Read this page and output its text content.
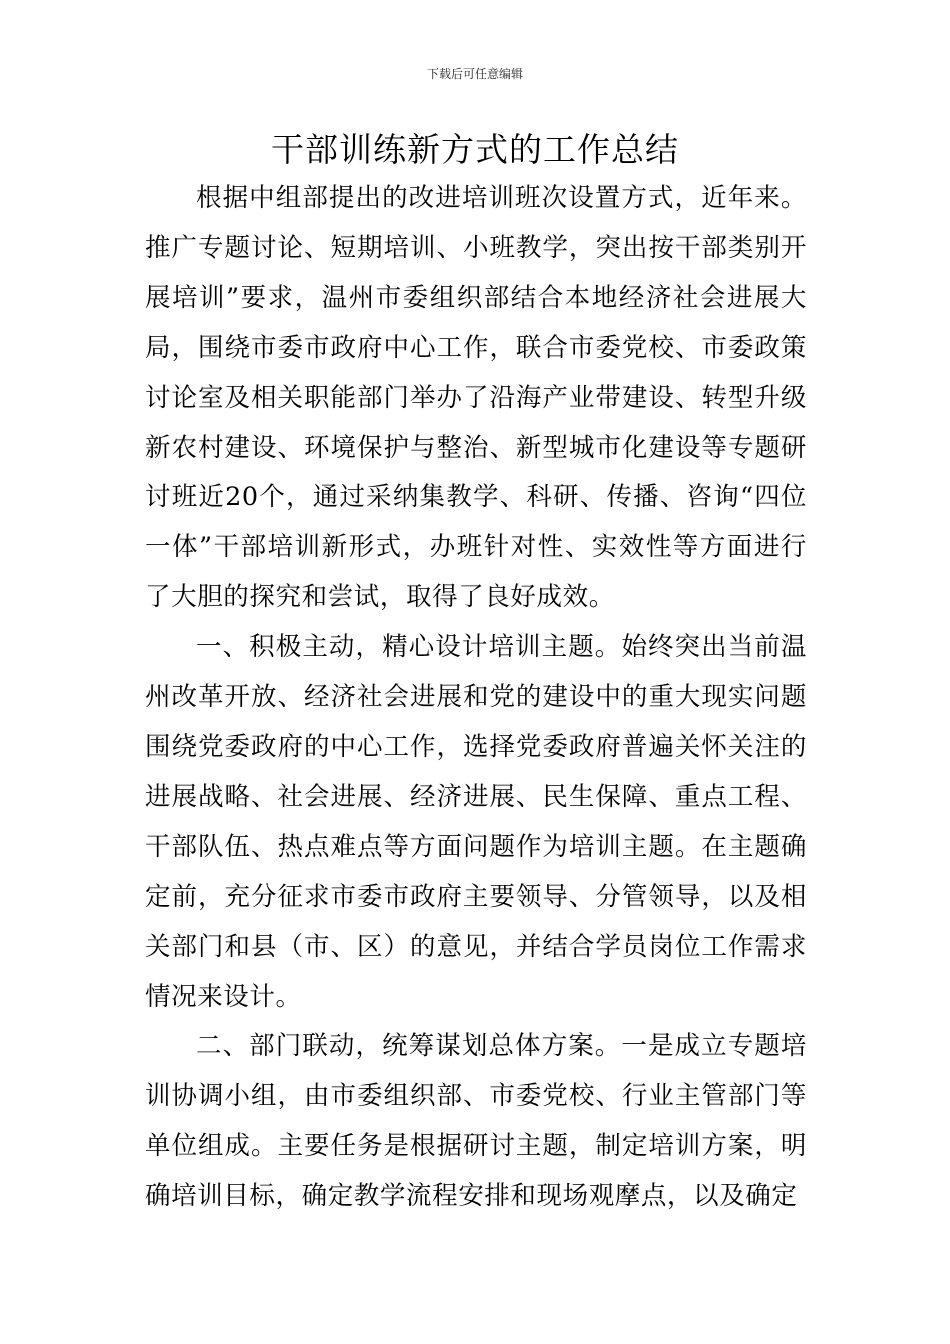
下载后可任意编辑
干部训练新方式的工作总结

根据中组部提出的改进培训班次设置方式，近年来。推广专题讨论、短期培训、小班教学，突出按干部类别开展培训”要求，温州市委组织部结合本地经济社会进展大局，围绕市委市政府中心工作，联合市委党校、市委政策讨论室及相关职能部门举办了沿海产业带建设、转型升级新农村建设、环境保护与整治、新型城市化建设等专题研讨班近20个，通过采纳集教学、科研、传播、咨询“四位一体”干部培训新形式，办班针对性、实效性等方面进行了大胆的探究和尝试，取得了良好成效。

一、积极主动，精心设计培训主题。始终突出当前温州改革开放、经济社会进展和党的建设中的重大现实问题围绕党委政府的中心工作，选择党委政府普遍关怀关注的进展战略、社会进展、经济进展、民生保障、重点工程、干部队伍、热点难点等方面问题作为培训主题。在主题确定前，充分征求市委市政府主要领导、分管领导，以及相关部门和县（市、区）的意见，并结合学员岗位工作需求情况来设计。

二、部门联动，统筹谋划总体方案。一是成立专题培训协调小组，由市委组织部、市委党校、行业主管部门等单位组成。主要任务是根据研讨主题，制定培训方案，明确培训目标，确定教学流程安排和现场观摩点，以及确定
